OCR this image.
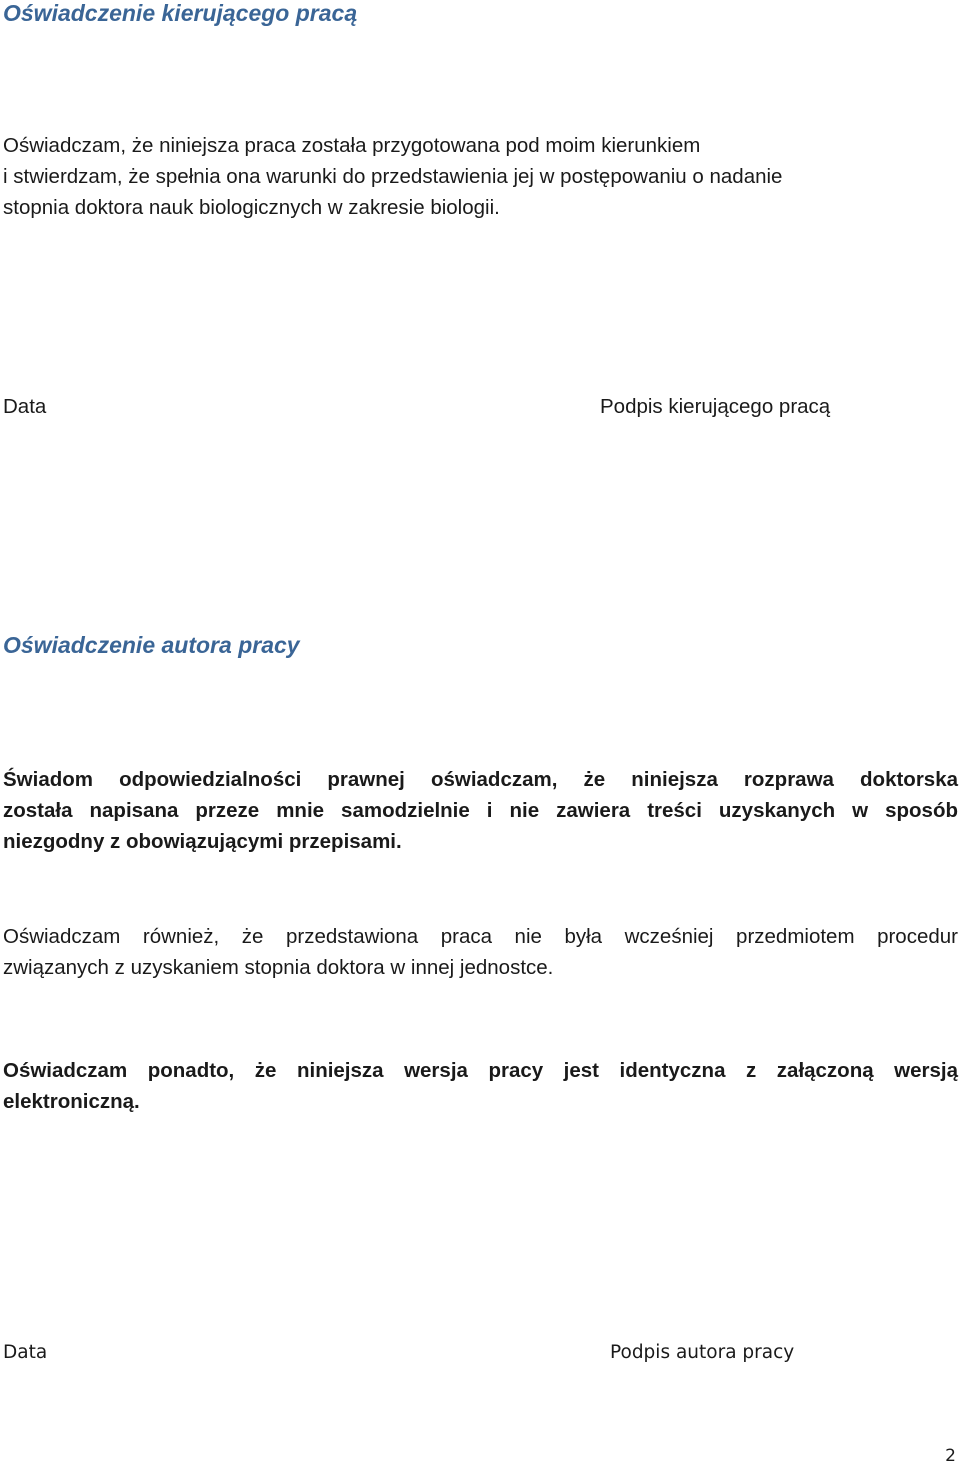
Oświadczenie kierującego pracą

Oświadczam, że niniejsza praca została przygotowana pod moim kierunkiem
i stwierdzam, że spełnia ona warunki do przedstawienia jej w postępowaniu o nadanie
stopnia doktora nauk biologicznych w zakresie biologii.

Data	Podpis kierującego pracą
Oświadczenie autora pracy

Świadom odpowiedzialności prawnej oświadczam, że niniejsza rozprawa doktorska
została napisana przeze mnie samodzielnie i nie zawiera treści uzyskanych w sposób
niezgodny z obowiązującymi przepisami.

Oświadczam również, że przedstawiona praca nie była wcześniej przedmiotem procedur
związanych z uzyskaniem stopnia doktora w innej jednostce.

Oświadczam ponadto, że niniejsza wersja pracy jest identyczna z załączoną wersją
elektroniczną.

Data	Podpis autora pracy
2
